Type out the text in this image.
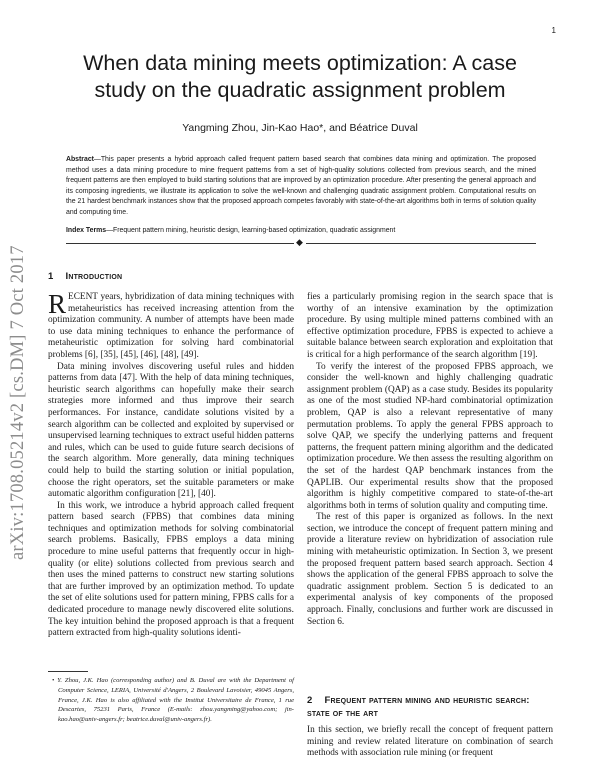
1
arXiv:1708.05214v2 [cs.DM] 7 Oct 2017
When data mining meets optimization: A case study on the quadratic assignment problem
Yangming Zhou, Jin-Kao Hao*, and Béatrice Duval
Abstract—This paper presents a hybrid approach called frequent pattern based search that combines data mining and optimization. The proposed method uses a data mining procedure to mine frequent patterns from a set of high-quality solutions collected from previous search, and the mined frequent patterns are then employed to build starting solutions that are improved by an optimization procedure. After presenting the general approach and its composing ingredients, we illustrate its application to solve the well-known and challenging quadratic assignment problem. Computational results on the 21 hardest benchmark instances show that the proposed approach competes favorably with state-of-the-art algorithms both in terms of solution quality and computing time.
Index Terms—Frequent pattern mining, heuristic design, learning-based optimization, quadratic assignment
◆
1 Introduction

RECENT years, hybridization of data mining techniques with metaheuristics has received increasing attention from the optimization community. A number of attempts have been made to use data mining techniques to enhance the performance of metaheuristic optimization for solving hard combinatorial problems [6], [35], [45], [46], [48], [49].

Data mining involves discovering useful rules and hidden patterns from data [47]. With the help of data mining techniques, heuristic search algorithms can hopefully make their search strategies more informed and thus improve their search performances. For instance, candidate solutions visited by a search algorithm can be collected and exploited by supervised or unsupervised learning techniques to extract useful hidden patterns and rules, which can be used to guide future search decisions of the search algorithm. More generally, data mining techniques could help to build the starting solution or initial population, choose the right operators, set the suitable parameters or make automatic algorithm configuration [21], [40].

In this work, we introduce a hybrid approach called frequent pattern based search (FPBS) that combines data mining techniques and optimization methods for solving combinatorial search problems. Basically, FPBS employs a data mining procedure to mine useful patterns that frequently occur in high-quality (or elite) solutions collected from previous search and then uses the mined patterns to construct new starting solutions that are further improved by an optimization method. To update the set of elite solutions used for pattern mining, FPBS calls for a dedicated procedure to manage newly discovered elite solutions. The key intuition behind the proposed approach is that a frequent pattern extracted from high-quality solutions identi-

• Y. Zhou, J.K. Hao (corresponding author) and B. Duval are with the Department of Computer Science, LERIA, Université d'Angers, 2 Boulevard Lavoisier, 49045 Angers, France, J.K. Hao is also affiliated with the Institut Universitaire de France, 1 rue Descartes, 75231 Paris, France (E-mails: zhou.yangming@yahoo.com; jin-kao.hao@univ-angers.fr; beatrice.duval@univ-angers.fr).

fies a particularly promising region in the search space that is worthy of an intensive examination by the optimization procedure. By using multiple mined patterns combined with an effective optimization procedure, FPBS is expected to achieve a suitable balance between search exploration and exploitation that is critical for a high performance of the search algorithm [19].

To verify the interest of the proposed FPBS approach, we consider the well-known and highly challenging quadratic assignment problem (QAP) as a case study. Besides its popularity as one of the most studied NP-hard combinatorial optimization problem, QAP is also a relevant representative of many permutation problems. To apply the general FPBS approach to solve QAP, we specify the underlying patterns and frequent patterns, the frequent pattern mining algorithm and the dedicated optimization procedure. We then assess the resulting algorithm on the set of the hardest QAP benchmark instances from the QAPLIB. Our experimental results show that the proposed algorithm is highly competitive compared to state-of-the-art algorithms both in terms of solution quality and computing time.

The rest of this paper is organized as follows. In the next section, we introduce the concept of frequent pattern mining and provide a literature review on hybridization of association rule mining with metaheuristic optimization. In Section 3, we present the proposed frequent pattern based search approach. Section 4 shows the application of the general FPBS approach to solve the quadratic assignment problem. Section 5 is dedicated to an experimental analysis of key components of the proposed approach. Finally, conclusions and further work are discussed in Section 6.

2 Frequent pattern mining and heuristic search: state of the art

In this section, we briefly recall the concept of frequent pattern mining and review related literature on combination of search methods with association rule mining (or frequent
